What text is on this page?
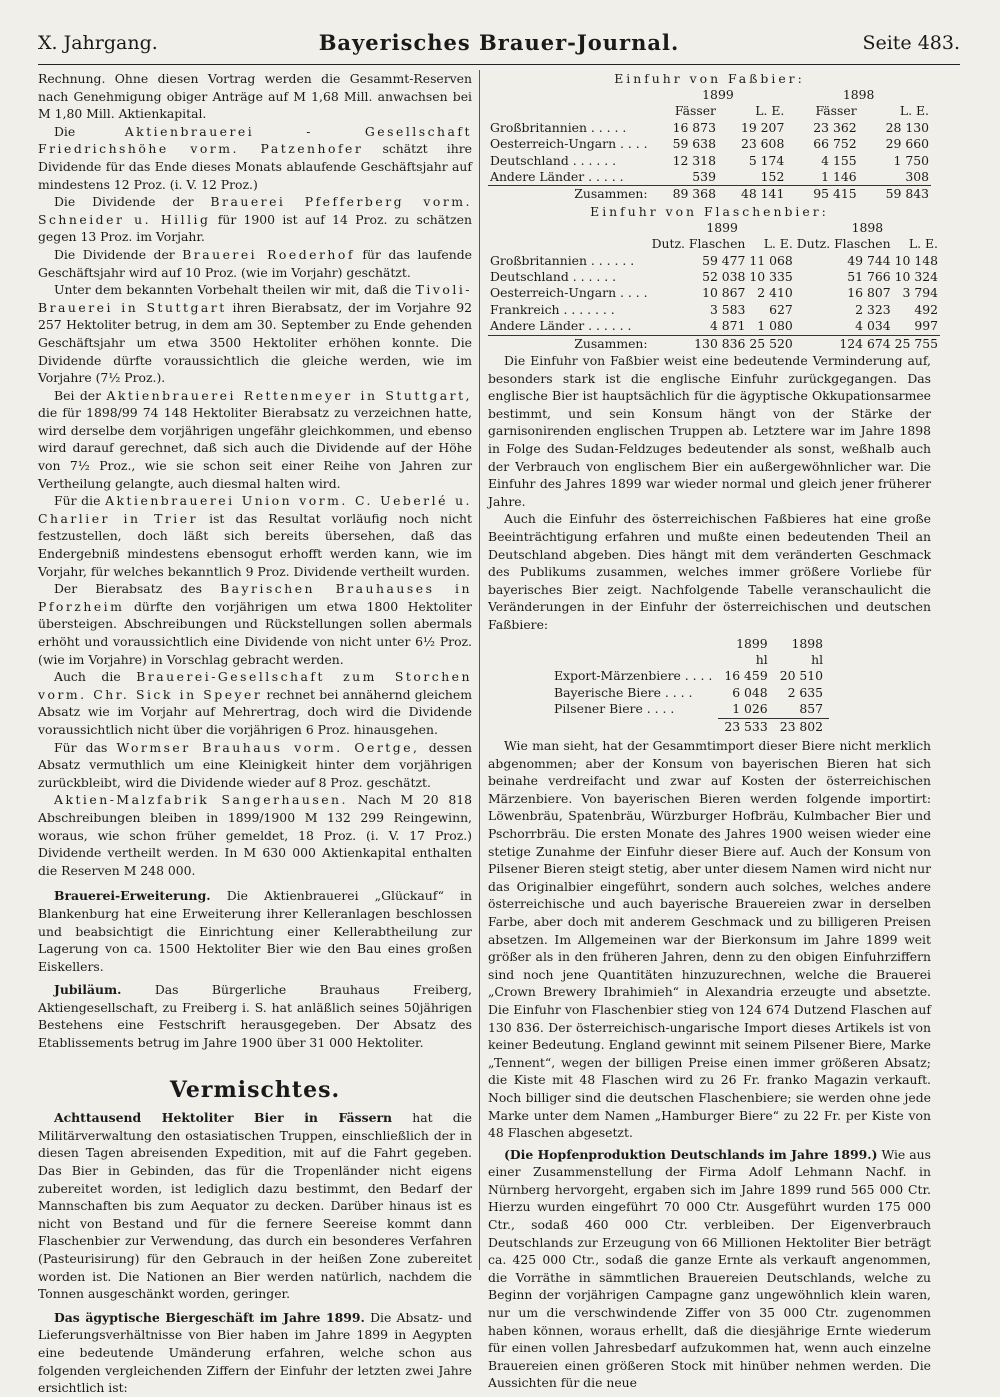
X. Jahrgang.	Bayerisches Brauer-Journal.	Seite 483.

Rechnung. Ohne diesen Vortrag werden die Gesammt-Reserven nach Genehmigung obiger Anträge auf M 1,68 Mill. anwachsen bei M 1,80 Mill. Aktienkapital.

Die	Aktienbrauerei - Gesellschaft Friedrichshöhe vorm. Patzenhofer schätzt ihre Dividende für das Ende dieses Monats ablaufende Geschäftsjahr auf mindestens 12 Proz. (i. V. 12 Proz.)

Die Dividende der Brauerei Pfefferberg vorm. Schneider u. Hillig für 1900 ist auf 14 Proz. zu schätzen gegen 13 Proz. im Vorjahr.

Die Dividende der Brauerei Roederhof für das laufende Geschäftsjahr wird auf 10 Proz. (wie im Vorjahr) geschätzt.

Unter dem bekannten Vorbehalt theilen wir mit, daß die Tivoli-Brauerei in Stuttgart ihren Bierabsatz, der im Vorjahre 92 257 Hektoliter betrug, in dem am 30. September zu Ende gehenden Geschäftsjahr um etwa 3500 Hektoliter erhöhen konnte. Die Dividende dürfte voraussichtlich die gleiche werden, wie im Vorjahre (7½ Proz.).

Bei der Aktienbrauerei Rettenmeyer in Stuttgart, die für 1898/99 74 148 Hektoliter Bierabsatz zu verzeichnen hatte, wird derselbe dem vorjährigen ungefähr gleichkommen, und ebenso wird darauf gerechnet, daß sich auch die Dividende auf der Höhe von 7½ Proz., wie sie schon seit einer Reihe von Jahren zur Vertheilung gelangte, auch diesmal halten wird.

Für die Aktienbrauerei Union vorm. C. Ueberlé u. Charlier in Trier ist das Resultat vorläufig noch nicht festzustellen, doch läßt sich bereits übersehen, daß das Endergebniß mindestens ebensogut erhofft werden kann, wie im Vorjahr, für welches bekanntlich 9 Proz. Dividende vertheilt wurden.

Der Bierabsatz des Bayrischen Brauhauses in Pforzheim dürfte den vorjährigen um etwa 1800 Hektoliter übersteigen. Abschreibungen und Rückstellungen sollen abermals erhöht und voraussichtlich eine Dividende von nicht unter 6½ Proz. (wie im Vorjahre) in Vorschlag gebracht werden.

Auch die Brauerei-Gesellschaft zum Storchen vorm. Chr. Sick in Speyer rechnet bei annähernd gleichem Absatz wie im Vorjahr auf Mehrertrag, doch wird die Dividende voraussichtlich nicht über die vorjährigen 6 Proz. hinausgehen.

Für das Wormser Brauhaus vorm. Oertge, dessen Absatz vermuthlich um eine Kleinigkeit hinter dem vorjährigen zurückbleibt, wird die Dividende wieder auf 8 Proz. geschätzt.

Aktien-Malzfabrik Sangerhausen. Nach M 20 818 Abschreibungen bleiben in 1899/1900 M 132 299 Reingewinn, woraus, wie schon früher gemeldet, 18 Proz. (i. V. 17 Proz.) Dividende vertheilt werden. In M 630 000 Aktienkapital enthalten die Reserven M 248 000.

Brauerei-Erweiterung. Die Aktienbrauerei „Glückauf“ in Blankenburg hat eine Erweiterung ihrer Kelleranlagen beschlossen und beabsichtigt die Einrichtung einer Kellerabtheilung zur Lagerung von ca. 1500 Hektoliter Bier wie den Bau eines großen Eiskellers.

Jubiläum.	Das Bürgerliche Brauhaus Freiberg, Aktiengesellschaft, zu Freiberg i. S. hat anläßlich seines 50jährigen Bestehens eine Festschrift herausgegeben. Der Absatz des Etablissements betrug im Jahre 1900 über 31 000 Hektoliter.

Vermischtes.

Achttausend Hektoliter Bier in Fässern hat die Militärverwaltung den ostasiatischen Truppen, einschließlich der in diesen Tagen abreisenden Expedition, mit auf die Fahrt gegeben. Das Bier in Gebinden, das für die Tropenländer nicht eigens zubereitet worden, ist lediglich dazu bestimmt, den Bedarf der Mannschaften bis zum Aequator zu decken. Darüber hinaus ist es nicht von Bestand und für die fernere Seereise kommt dann Flaschenbier zur Verwendung, das durch ein besonderes Verfahren (Pasteurisirung) für den Gebrauch in der heißen Zone zubereitet worden ist. Die Nationen an Bier werden natürlich, nachdem die Tonnen ausgeschänkt worden, geringer.

Das ägyptische Biergeschäft im Jahre 1899. Die Absatz- und Lieferungsverhältnisse von Bier haben im Jahre 1899 in Aegypten eine bedeutende Umänderung erfahren, welche schon aus folgenden vergleichenden Ziffern der Einfuhr der letzten zwei Jahre ersichtlich ist:

Einfuhr von Faßbier:
	1899		1898	
	Fässer	L. E.	Fässer	L. E.
Großbritannien . . . . .	16 873	19 207	23 362	28 130
Oesterreich-Ungarn . . . .	59 638	23 608	66 752	29 660
Deutschland . . . . . .	12 318	5 174	4 155	1 750
Andere Länder . . . . .	539	152	1 146	308
Zusammen:	89 368	48 141	95 415	59 843
Einfuhr von Flaschenbier:
	1899		1898	
	Dutz. Flaschen	L. E.	Dutz. Flaschen	L. E.
Großbritannien . . . . . .	59 477	11 068	49 744	10 148
Deutschland . . . . . .	52 038	10 335	51 766	10 324
Oesterreich-Ungarn . . . .	10 867	2 410	16 807	3 794
Frankreich . . . . . . .	3 583	627	2 323	492
Andere Länder . . . . . .	4 871	1 080	4 034	997
Zusammen:	130 836	25 520	124 674	25 755

Die Einfuhr von Faßbier weist eine bedeutende Verminderung auf, besonders stark ist die englische Einfuhr zurückgegangen. Das englische Bier ist hauptsächlich für die ägyptische Okkupationsarmee bestimmt, und sein Konsum hängt von der Stärke der garnisonirenden englischen Truppen ab. Letztere war im Jahre 1898 in Folge des Sudan-Feldzuges bedeutender als sonst, weßhalb auch der Verbrauch von englischem Bier ein außergewöhnlicher war. Die Einfuhr des Jahres 1899 war wieder normal und gleich jener früherer Jahre.

Auch die Einfuhr des österreichischen Faßbieres hat eine große Beeinträchtigung erfahren und mußte einen bedeutenden Theil an Deutschland abgeben. Dies hängt mit dem veränderten Geschmack des Publikums zusammen, welches immer größere Vorliebe für bayerisches Bier zeigt. Nachfolgende Tabelle veranschaulicht die Veränderungen in der Einfuhr der österreichischen und deutschen Faßbiere:

	1899	1898
	hl	hl
Export-Märzenbiere . . . .	16 459	20 510
Bayerische Biere . . . .	6 048	2 635
Pilsener Biere . . . .	1 026	857
	23 533	23 802

Wie man sieht, hat der Gesammtimport dieser Biere nicht merklich abgenommen; aber der Konsum von bayerischen Bieren hat sich beinahe verdreifacht und zwar auf Kosten der österreichischen Märzenbiere. Von bayerischen Bieren werden folgende importirt: Löwenbräu, Spatenbräu, Würzburger Hofbräu, Kulmbacher Bier und Pschorrbräu. Die ersten Monate des Jahres 1900 weisen wieder eine stetige Zunahme der Einfuhr dieser Biere auf. Auch der Konsum von Pilsener Bieren steigt stetig, aber unter diesem Namen wird nicht nur das Originalbier eingeführt, sondern auch solches, welches andere österreichische und auch bayerische Brauereien zwar in derselben Farbe, aber doch mit anderem Geschmack und zu billigeren Preisen absetzen. Im Allgemeinen war der Bierkonsum im Jahre 1899 weit größer als in den früheren Jahren, denn zu den obigen Einfuhrziffern sind noch jene Quantitäten hinzuzurechnen, welche die Brauerei „Crown Brewery Ibrahimieh“ in Alexandria erzeugte und absetzte. Die Einfuhr von Flaschenbier stieg von 124 674 Dutzend Flaschen auf 130 836. Der österreichisch-ungarische Import dieses Artikels ist von keiner Bedeutung. England gewinnt mit seinem Pilsener Biere, Marke „Tennent“, wegen der billigen Preise einen immer größeren Absatz; die Kiste mit 48 Flaschen wird zu 26 Fr. franko Magazin verkauft. Noch billiger sind die deutschen Flaschenbiere; sie werden ohne jede Marke unter dem Namen „Hamburger Biere“ zu 22 Fr. per Kiste von 48 Flaschen abgesetzt.

(Die Hopfenproduktion Deutschlands im Jahre 1899.) Wie aus einer Zusammenstellung der Firma Adolf Lehmann Nachf. in Nürnberg hervorgeht, ergaben sich im Jahre 1899 rund 565 000 Ctr. Hierzu wurden eingeführt 70 000 Ctr. Ausgeführt wurden 175 000 Ctr., sodaß 460 000 Ctr. verbleiben. Der Eigenverbrauch Deutschlands zur Erzeugung von 66 Millionen Hektoliter Bier beträgt ca. 425 000 Ctr., sodaß die ganze Ernte als verkauft angenommen, die Vorräthe in sämmtlichen Brauereien Deutschlands, welche zu Beginn der vorjährigen Campagne ganz ungewöhnlich klein waren, nur um die verschwindende Ziffer von 35 000 Ctr. zugenommen haben können, woraus erhellt, daß die diesjährige Ernte wiederum für einen vollen Jahresbedarf aufzukommen hat, wenn auch einzelne Brauereien einen größeren Stock mit hinüber nehmen werden. Die Aussichten für die neue
